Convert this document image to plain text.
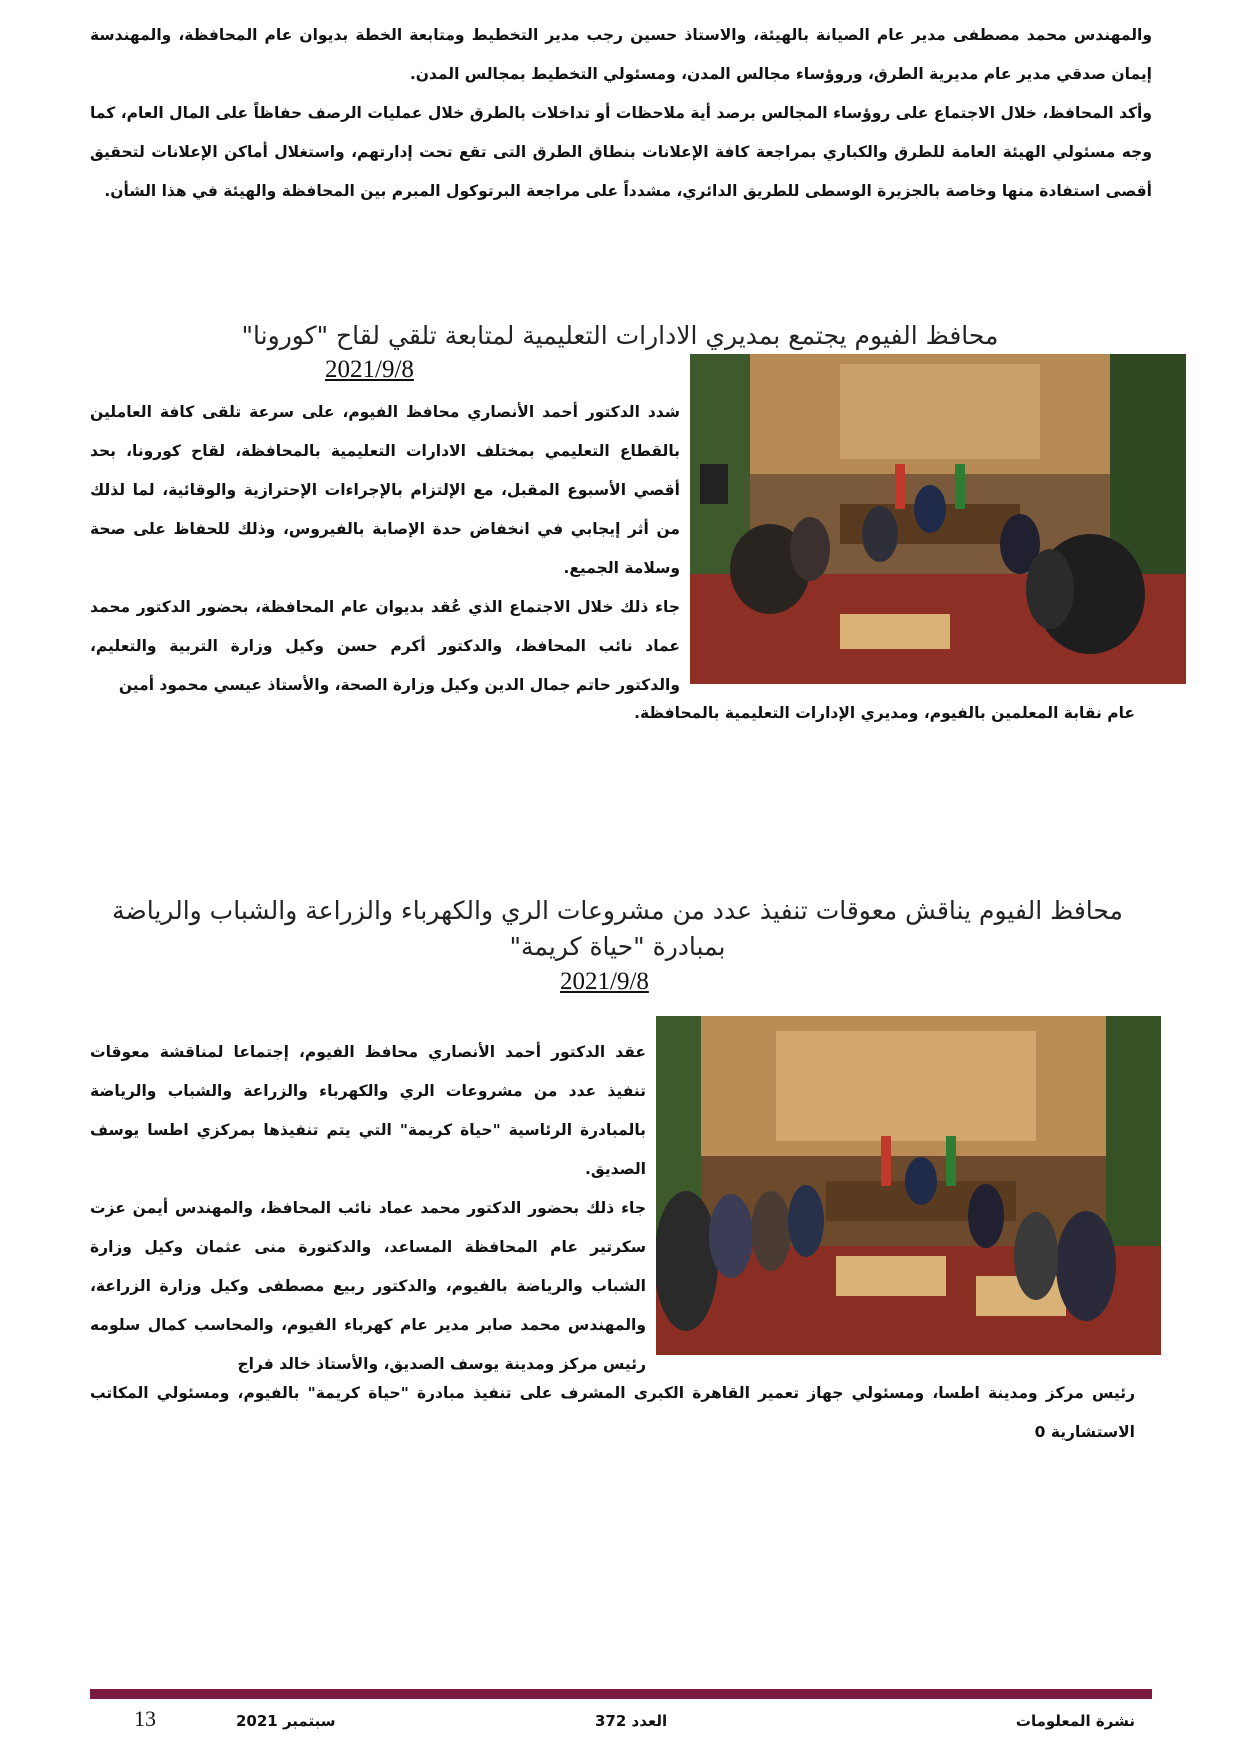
والمهندس محمد مصطفى مدير عام الصيانة بالهيئة، والاستاذ حسين رجب مدير التخطيط ومتابعة الخطة بديوان عام المحافظة، والمهندسة إيمان صدقي مدير عام مديرية الطرق، وروؤساء مجالس المدن، ومسئولي التخطيط بمجالس المدن.

وأكد المحافظ، خلال الاجتماع على روؤساء المجالس برصد أية ملاحظات أو تداخلات بالطرق خلال عمليات الرصف حفاظاً على المال العام، كما وجه مسئولي الهيئة العامة للطرق والكباري بمراجعة كافة الإعلانات بنطاق الطرق التى تقع تحت إدارتهم، واستغلال أماكن الإعلانات لتحقيق أقصى استفادة منها وخاصة بالجزيرة الوسطى للطريق الدائري، مشدداً على مراجعة البرتوكول المبرم بين المحافظة والهيئة في هذا الشأن.

محافظ الفيوم يجتمع بمديري الادارات التعليمية لمتابعة تلقي لقاح "كورونا"
2021/9/8

شدد الدكتور أحمد الأنصاري محافظ الفيوم، على سرعة تلقى كافة العاملين بالقطاع التعليمي بمختلف الادارات التعليمية بالمحافظة، لقاح كورونا، بحد أقصي الأسبوع المقبل، مع الإلتزام بالإجراءات الإحترازية والوقائية، لما لذلك من أثر إيجابي في انخفاض حدة الإصابة بالفيروس، وذلك للحفاظ على صحة وسلامة الجميع.

جاء ذلك خلال الاجتماع الذي عُقد بديوان عام المحافظة، بحضور الدكتور محمد عماد نائب المحافظ، والدكتور أكرم حسن وكيل وزارة التربية والتعليم، والدكتور حاتم جمال الدين وكيل وزارة الصحة، والأستاذ عيسي محمود أمين

عام نقابة المعلمين بالفيوم، ومديري الإدارات التعليمية بالمحافظة.
محافظ الفيوم يناقش معوقات تنفيذ عدد من مشروعات الري والكهرباء والزراعة والشباب والرياضة بمبادرة "حياة كريمة"
2021/9/8

عقد الدكتور أحمد الأنصاري محافظ الفيوم، إجتماعا لمناقشة معوقات تنفيذ عدد من مشروعات الري والكهرباء والزراعة والشباب والرياضة بالمبادرة الرئاسية "حياة كريمة" التي يتم تنفيذها بمركزي اطسا يوسف الصديق.

جاء ذلك بحضور الدكتور محمد عماد نائب المحافظ، والمهندس أيمن عزت سكرتير عام المحافظة المساعد، والدكتورة منى عثمان وكيل وزارة الشباب والرياضة بالفيوم، والدكتور ربيع مصطفى وكيل وزارة الزراعة، والمهندس محمد صابر مدير عام كهرباء الفيوم، والمحاسب كمال سلومه رئيس مركز ومدينة يوسف الصديق، والأستاذ خالد فراج

رئيس مركز ومدينة اطسا، ومسئولي جهاز تعمير القاهرة الكبرى المشرف على تنفيذ مبادرة "حياة كريمة" بالفيوم، ومسئولي المكاتب الاستشارية 0
نشرة المعلومات
العدد 372
سبتمبر 2021
13
